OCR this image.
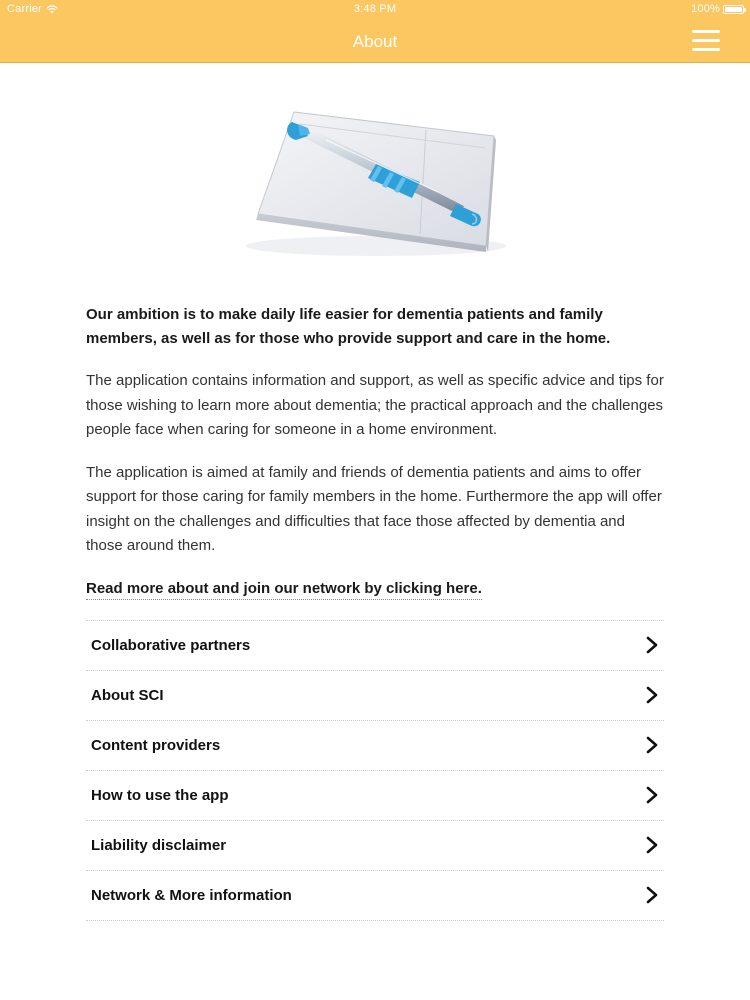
Carrier	3:48 PM	100%
About

Our ambition is to make daily life easier for dementia patients and family members, as well as for those who provide support and care in the home.

The application contains information and support, as well as specific advice and tips for those wishing to learn more about dementia; the practical approach and the challenges people face when caring for someone in a home environment.

The application is aimed at family and friends of dementia patients and aims to offer support for those caring for family members in the home. Furthermore the app will offer insight on the challenges and difficulties that face those affected by dementia and those around them.

Read more about and join our network by clicking here.
Collaborative partners
About SCI
Content providers
How to use the app
Liability disclaimer
Network & More information
